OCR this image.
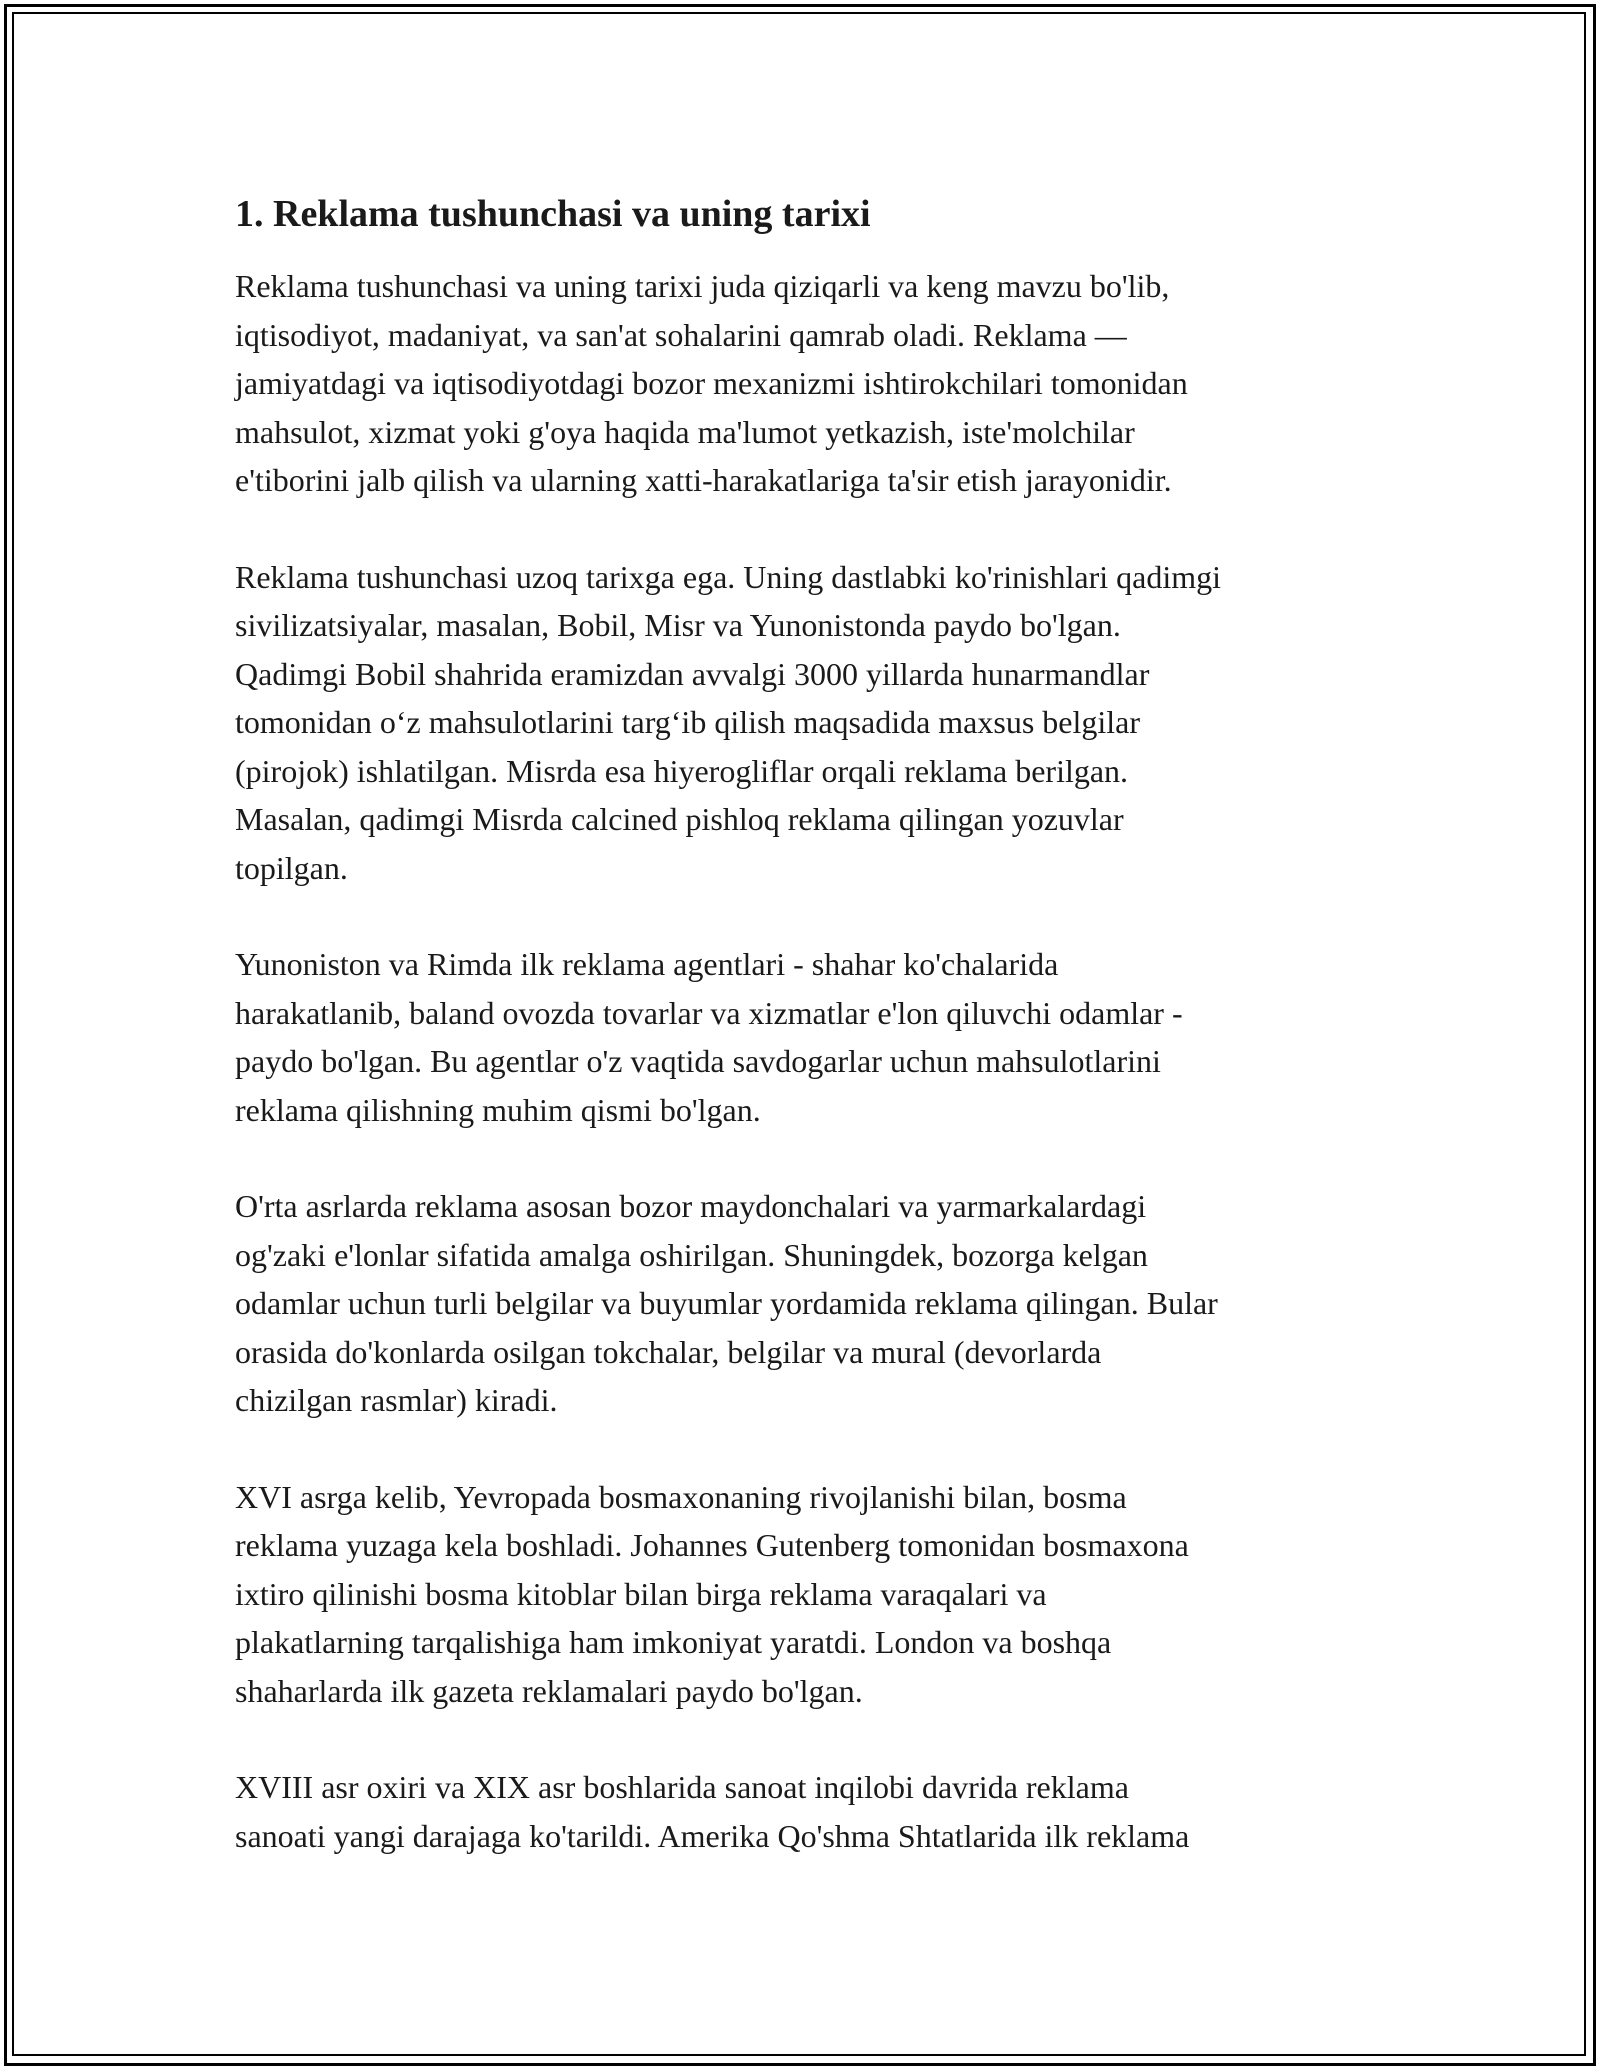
1. Reklama tushunchasi va uning tarixi

Reklama tushunchasi va uning tarixi juda qiziqarli va keng mavzu bo'lib,
iqtisodiyot, madaniyat, va san'at sohalarini qamrab oladi. Reklama —
jamiyatdagi va iqtisodiyotdagi bozor mexanizmi ishtirokchilari tomonidan
mahsulot, xizmat yoki g'oya haqida ma'lumot yetkazish, iste'molchilar
e'tiborini jalb qilish va ularning xatti-harakatlariga ta'sir etish jarayonidir.

Reklama tushunchasi uzoq tarixga ega. Uning dastlabki ko'rinishlari qadimgi
sivilizatsiyalar, masalan, Bobil, Misr va Yunonistonda paydo bo'lgan.
Qadimgi Bobil shahrida eramizdan avvalgi 3000 yillarda hunarmandlar
tomonidan o‘z mahsulotlarini targ‘ib qilish maqsadida maxsus belgilar
(pirojok) ishlatilgan. Misrda esa hiyerogliflar orqali reklama berilgan.
Masalan, qadimgi Misrda calcined pishloq reklama qilingan yozuvlar
topilgan.

Yunoniston va Rimda ilk reklama agentlari - shahar ko'chalarida
harakatlanib, baland ovozda tovarlar va xizmatlar e'lon qiluvchi odamlar -
paydo bo'lgan. Bu agentlar o'z vaqtida savdogarlar uchun mahsulotlarini
reklama qilishning muhim qismi bo'lgan.

O'rta asrlarda reklama asosan bozor maydonchalari va yarmarkalardagi
og'zaki e'lonlar sifatida amalga oshirilgan. Shuningdek, bozorga kelgan
odamlar uchun turli belgilar va buyumlar yordamida reklama qilingan. Bular
orasida do'konlarda osilgan tokchalar, belgilar va mural (devorlarda
chizilgan rasmlar) kiradi.

XVI asrga kelib, Yevropada bosmaxonaning rivojlanishi bilan, bosma
reklama yuzaga kela boshladi. Johannes Gutenberg tomonidan bosmaxona
ixtiro qilinishi bosma kitoblar bilan birga reklama varaqalari va
plakatlarning tarqalishiga ham imkoniyat yaratdi. London va boshqa
shaharlarda ilk gazeta reklamalari paydo bo'lgan.

XVIII asr oxiri va XIX asr boshlarida sanoat inqilobi davrida reklama
sanoati yangi darajaga ko'tarildi. Amerika Qo'shma Shtatlarida ilk reklama
